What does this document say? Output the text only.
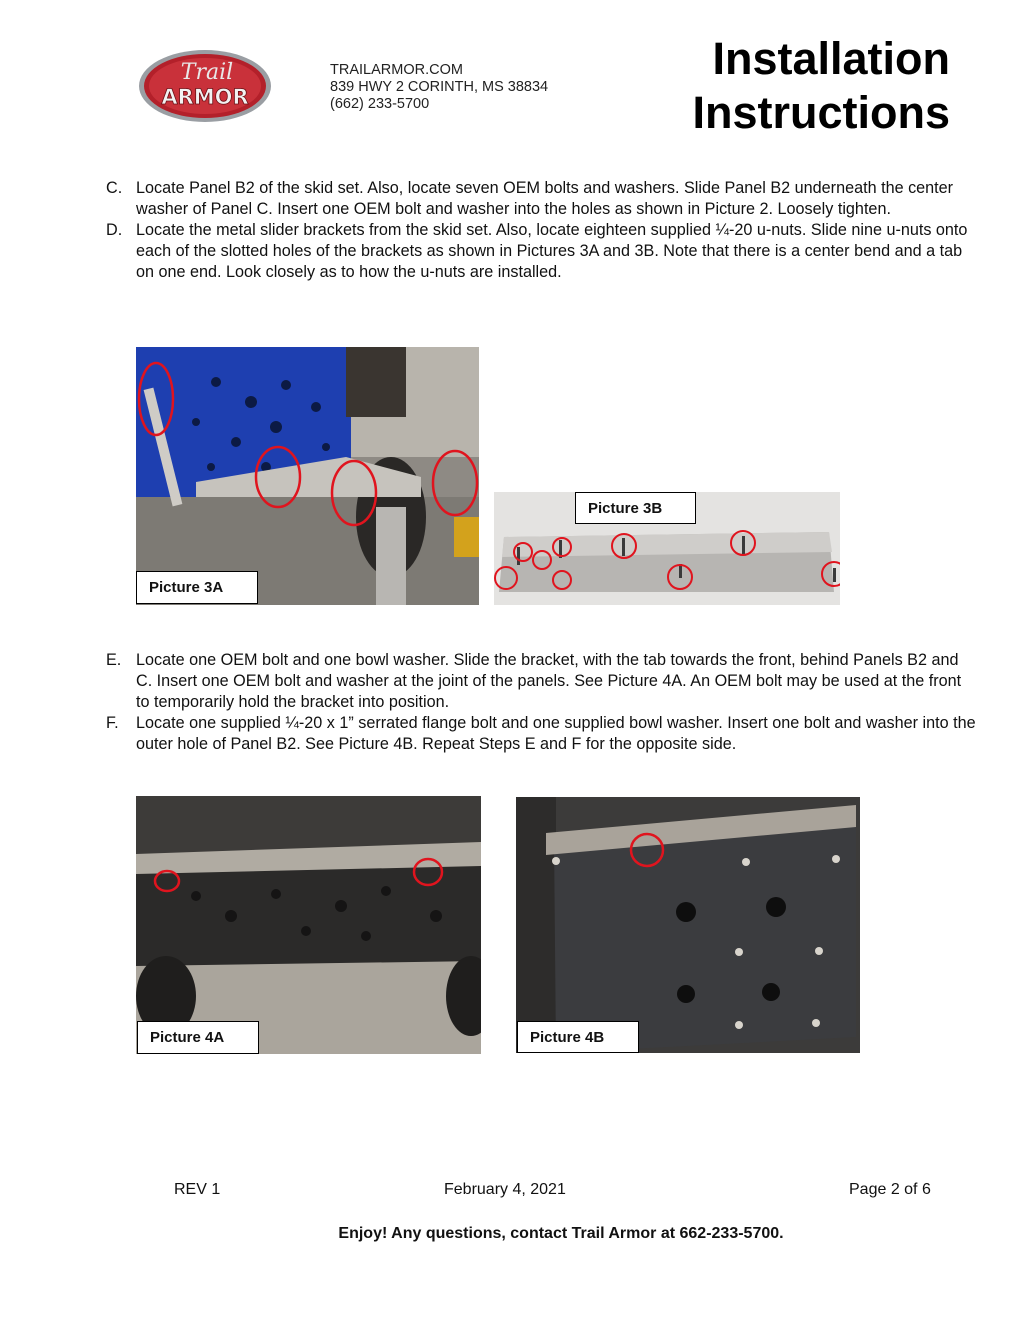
Trail
ARMOR
TRAILARMOR.COM
839 HWY 2 CORINTH, MS 38834
(662) 233-5700
Installation
Instructions
C. Locate Panel B2 of the skid set. Also, locate seven OEM bolts and washers. Slide Panel B2 underneath the center washer of Panel C. Insert one OEM bolt and washer into the holes as shown in Picture 2. Loosely tighten.
D. Locate the metal slider brackets from the skid set. Also, locate eighteen supplied ¼-20 u-nuts. Slide nine u-nuts onto each of the slotted holes of the brackets as shown in Pictures 3A and 3B. Note that there is a center bend and a tab on one end. Look closely as to how the u-nuts are installed.
Picture 3A
Picture 3B
E. Locate one OEM bolt and one bowl washer. Slide the bracket, with the tab towards the front, behind Panels B2 and C. Insert one OEM bolt and washer at the joint of the panels. See Picture 4A. An OEM bolt may be used at the front to temporarily hold the bracket into position.
F.	Locate one supplied ¼-20 x 1” serrated flange bolt and one supplied bowl washer. Insert one bolt and washer into the outer hole of Panel B2. See Picture 4B. Repeat Steps E and F for the opposite side.
Picture 4A	Picture 4B
REV 1	February 4, 2021	Page 2 of 6
Enjoy! Any questions, contact Trail Armor at 662-233-5700.
